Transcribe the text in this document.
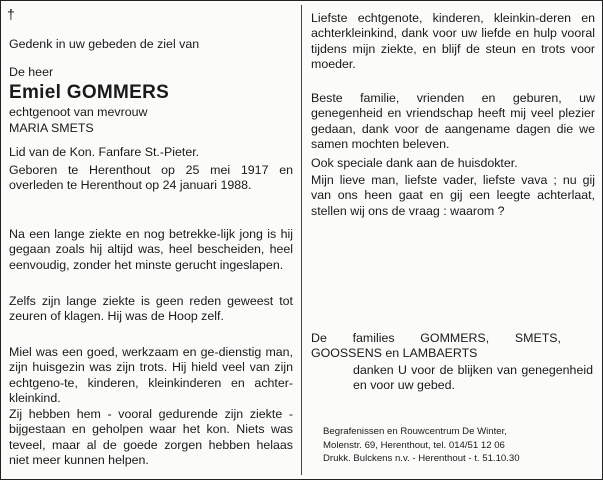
†

Gedenk in uw gebeden de ziel van

De heer

Emiel GOMMERS

echtgenoot van mevrouw

MARIA SMETS

Lid van de Kon. Fanfare St.-Pieter.

Geboren te Herenthout op 25 mei 1917 en overleden te Herenthout op 24 januari 1988.

Na een lange ziekte en nog betrekke-lijk jong is hij gegaan zoals hij altijd was, heel bescheiden, heel eenvoudig, zonder het minste gerucht ingeslapen.

Zelfs zijn lange ziekte is geen reden geweest tot zeuren of klagen. Hij was de Hoop zelf.

Miel was een goed, werkzaam en ge-dienstig man, zijn huisgezin was zijn trots. Hij hield veel van zijn echtgeno-te, kinderen, kleinkinderen en achter-kleinkind.

Zij hebben hem - vooral gedurende zijn ziekte - bijgestaan en geholpen waar het kon. Niets was teveel, maar al de goede zorgen hebben helaas niet meer kunnen helpen.

Liefste echtgenote, kinderen, kleinkin-deren en achterkleinkind, dank voor uw liefde en hulp vooral tijdens mijn ziekte, en blijf de steun en trots voor moeder.

Beste familie, vrienden en geburen, uw genegenheid en vriendschap heeft mij veel plezier gedaan, dank voor de aangename dagen die we samen mochten beleven.

Ook speciale dank aan de huisdokter.

Mijn lieve man, liefste vader, liefste vava ; nu gij van ons heen gaat en gij een leegte achterlaat, stellen wij ons de vraag : waarom ?

De families GOMMERS, SMETS, GOOSSENS en LAMBAERTS

danken U voor de blijken van genegenheid en voor uw gebed.

Begrafenissen en Rouwcentrum De Winter,
Molenstr. 69, Herenthout, tel. 014/51 12 06
Drukk. Bulckens n.v. - Herenthout - t. 51.10.30
